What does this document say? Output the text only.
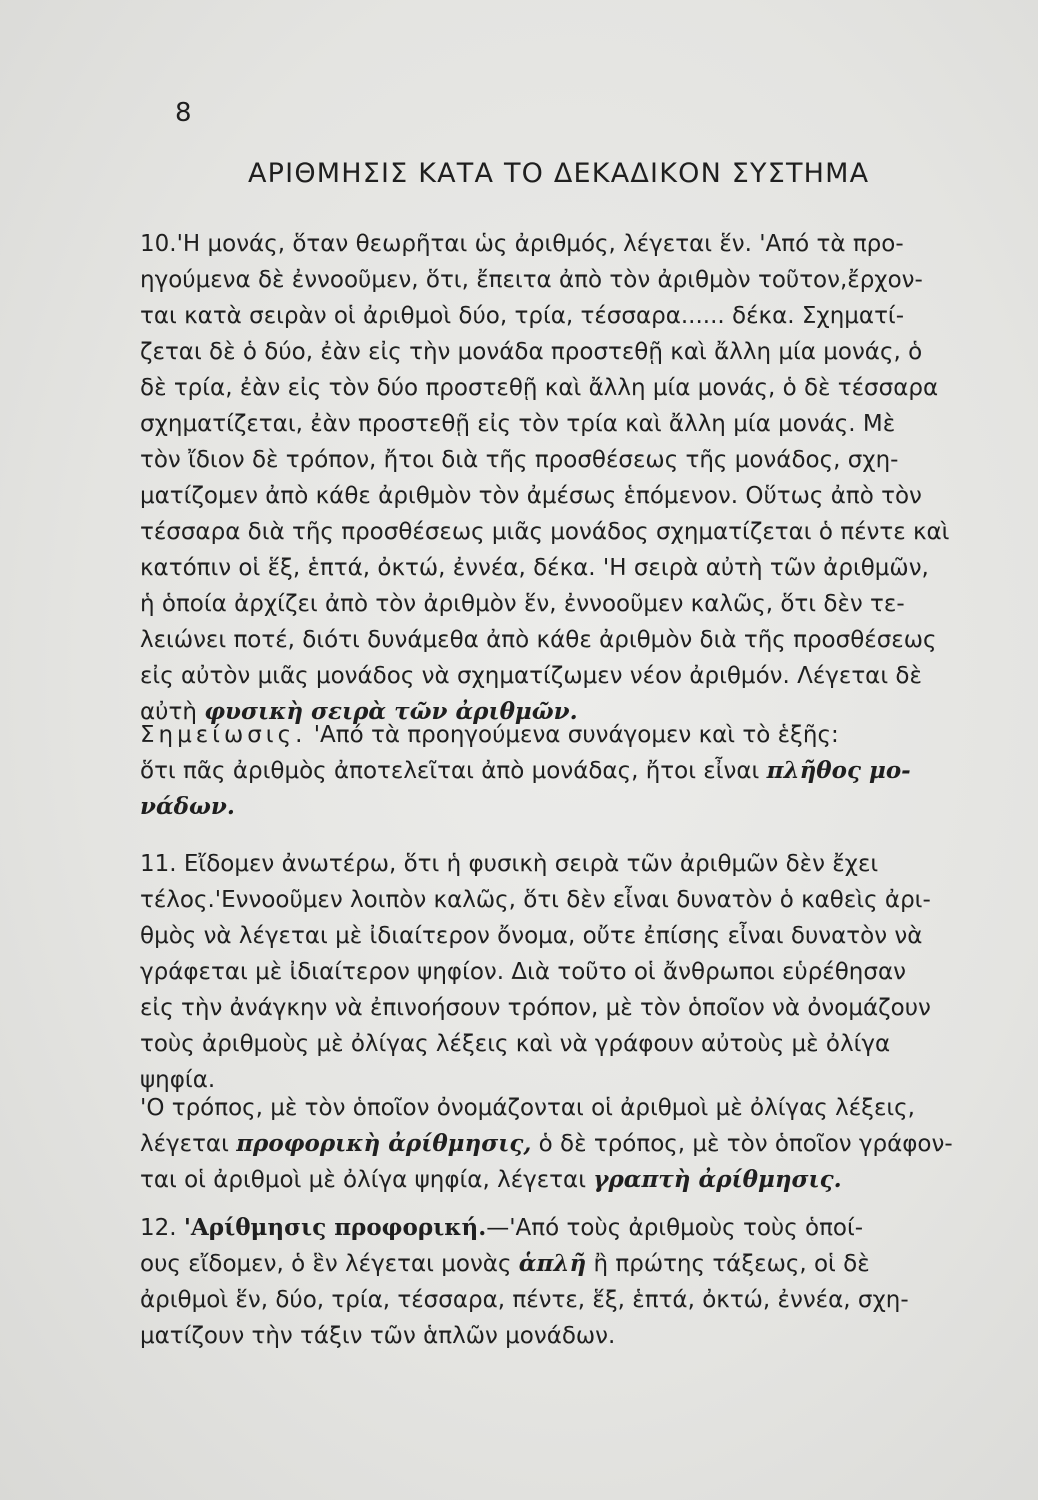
8
ΑΡΙΘΜΗΣΙΣ ΚΑΤΑ ΤΟ ΔΕΚΑΔΙΚΟΝ ΣΥΣΤΗΜΑ
10.'Η μονάς, ὅταν θεωρῆται ὡς ἀριθμός, λέγεται ἕν. 'Από τὰ προ-
ηγούμενα δὲ ἐννοοῦμεν, ὅτι, ἔπειτα ἀπὸ τὸν ἀριθμὸν τοῦτον,ἔρχον-
ται κατὰ σειρὰν οἱ ἀριθμοὶ δύο, τρία, τέσσαρα...... δέκα. Σχηματί-
ζεται δὲ ὁ δύο, ἐὰν εἰς τὴν μονάδα προστεθῇ καὶ ἄλλη μία μονάς, ὁ
δὲ τρία, ἐὰν εἰς τὸν δύο προστεθῇ καὶ ἄλλη μία μονάς, ὁ δὲ τέσσαρα
σχηματίζεται, ἐὰν προστεθῇ εἰς τὸν τρία καὶ ἄλλη μία μονάς. Μὲ
τὸν ἴδιον δὲ τρόπον, ἤτοι διὰ τῆς προσθέσεως τῆς μονάδος, σχη-
ματίζομεν ἀπὸ κάθε ἀριθμὸν τὸν ἀμέσως ἑπόμενον. Οὕτως ἀπὸ τὸν
τέσσαρα διὰ τῆς προσθέσεως μιᾶς μονάδος σχηματίζεται ὁ πέντε καὶ
κατόπιν οἱ ἕξ, ἑπτά, ὀκτώ, ἐννέα, δέκα. 'Η σειρὰ αὐτὴ τῶν ἀριθμῶν,
ἡ ὁποία ἀρχίζει ἀπὸ τὸν ἀριθμὸν ἕν, ἐννοοῦμεν καλῶς, ὅτι δὲν τε-
λειώνει ποτέ, διότι δυνάμεθα ἀπὸ κάθε ἀριθμὸν διὰ τῆς προσθέσεως
εἰς αὐτὸν μιᾶς μονάδος νὰ σχηματίζωμεν νέον ἀριθμόν. Λέγεται δὲ
αὐτὴ φυσικὴ σειρὰ τῶν ἀριθμῶν.
Σημείωσις. 'Από τὰ προηγούμενα συνάγομεν καὶ τὸ ἑξῆς:
ὅτι πᾶς ἀριθμὸς ἀποτελεῖται ἀπὸ μονάδας, ἤτοι εἶναι πλῆθος μο-
νάδων.
11. Εἴδομεν ἀνωτέρω, ὅτι ἡ φυσικὴ σειρὰ τῶν ἀριθμῶν δὲν ἔχει
τέλος.'Εννοοῦμεν λοιπὸν καλῶς, ὅτι δὲν εἶναι δυνατὸν ὁ καθεὶς ἀρι-
θμὸς νὰ λέγεται μὲ ἰδιαίτερον ὄνομα, οὔτε ἐπίσης εἶναι δυνατὸν νὰ
γράφεται μὲ ἰδιαίτερον ψηφίον. Διὰ τοῦτο οἱ ἄνθρωποι εὑρέθησαν
εἰς τὴν ἀνάγκην νὰ ἐπινοήσουν τρόπον, μὲ τὸν ὁποῖον νὰ ὀνομάζουν
τοὺς ἀριθμοὺς μὲ ὀλίγας λέξεις καὶ νὰ γράφουν αὐτοὺς μὲ ὀλίγα
ψηφία.
'Ο τρόπος, μὲ τὸν ὁποῖον ὀνομάζονται οἱ ἀριθμοὶ μὲ ὀλίγας λέξεις,
λέγεται προφορικὴ ἀρίθμησις, ὁ δὲ τρόπος, μὲ τὸν ὁποῖον γράφον-
ται οἱ ἀριθμοὶ μὲ ὀλίγα ψηφία, λέγεται γραπτὴ ἀρίθμησις.
12. 'Αρίθμησις προφορική.—'Από τοὺς ἀριθμοὺς τοὺς ὁποί-
ους εἴδομεν, ὁ ἓν λέγεται μονὰς ἁπλῆ ἢ πρώτης τάξεως, οἱ δὲ
ἀριθμοὶ ἕν, δύο, τρία, τέσσαρα, πέντε, ἕξ, ἑπτά, ὀκτώ, ἐννέα, σχη-
ματίζουν τὴν τάξιν τῶν ἁπλῶν μονάδων.
